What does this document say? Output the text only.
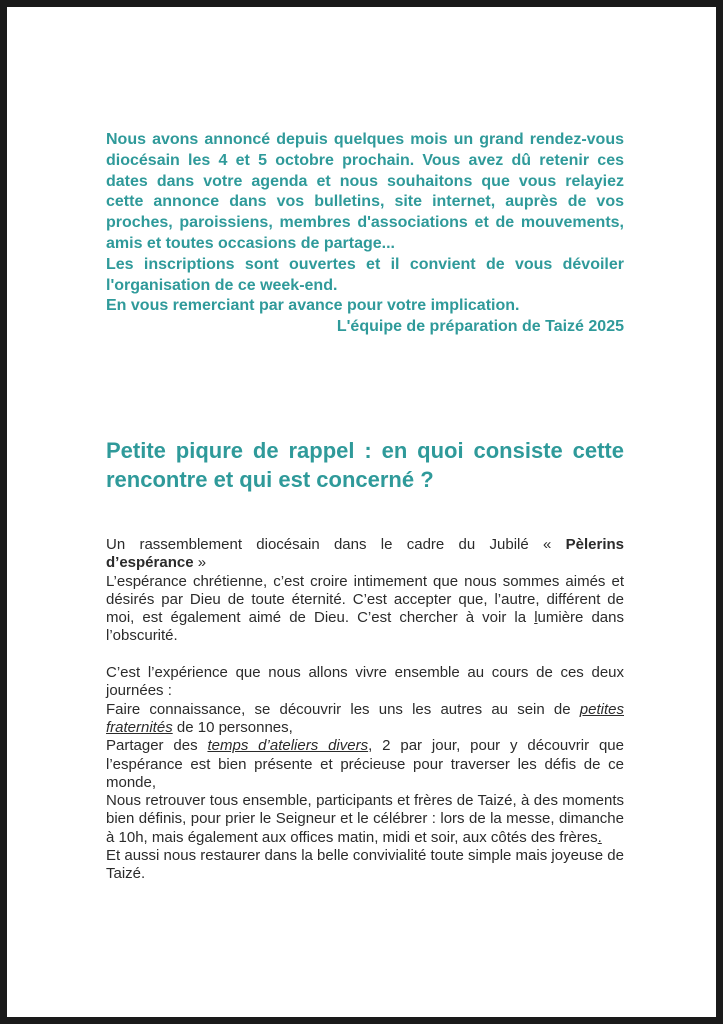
Nous avons annoncé depuis quelques mois un grand rendez-vous diocésain les 4 et 5 octobre prochain. Vous avez dû retenir ces dates dans votre agenda et nous souhaitons que vous relayiez cette annonce dans vos bulletins, site internet, auprès de vos proches, paroissiens, membres d'associations et de mouvements, amis et toutes occasions de partage...

Les inscriptions sont ouvertes et il convient de vous dévoiler l'organisation de ce week-end.

En vous remerciant par avance pour votre implication.

L'équipe de préparation de Taizé 2025

Petite piqure de rappel : en quoi consiste cette rencontre et qui est concerné ?

Un rassemblement diocésain dans le cadre du Jubilé « Pèlerins d’espérance »

L’espérance chrétienne, c’est croire intimement que nous sommes aimés et désirés par Dieu de toute éternité. C’est accepter que, l’autre, différent de moi, est également aimé de Dieu. C’est chercher à voir la lumière dans l’obscurité.

C’est l’expérience que nous allons vivre ensemble au cours de ces deux journées :

Faire connaissance, se découvrir les uns les autres au sein de petites fraternités de 10 personnes,

Partager des temps d’ateliers divers, 2 par jour, pour y découvrir que l’espérance est bien présente et précieuse pour traverser les défis de ce monde,

Nous retrouver tous ensemble, participants et frères de Taizé, à des moments bien définis, pour prier le Seigneur et le célébrer : lors de la messe, dimanche à 10h, mais également aux offices matin, midi et soir, aux côtés des frères.

Et aussi nous restaurer dans la belle convivialité toute simple mais joyeuse de Taizé.
